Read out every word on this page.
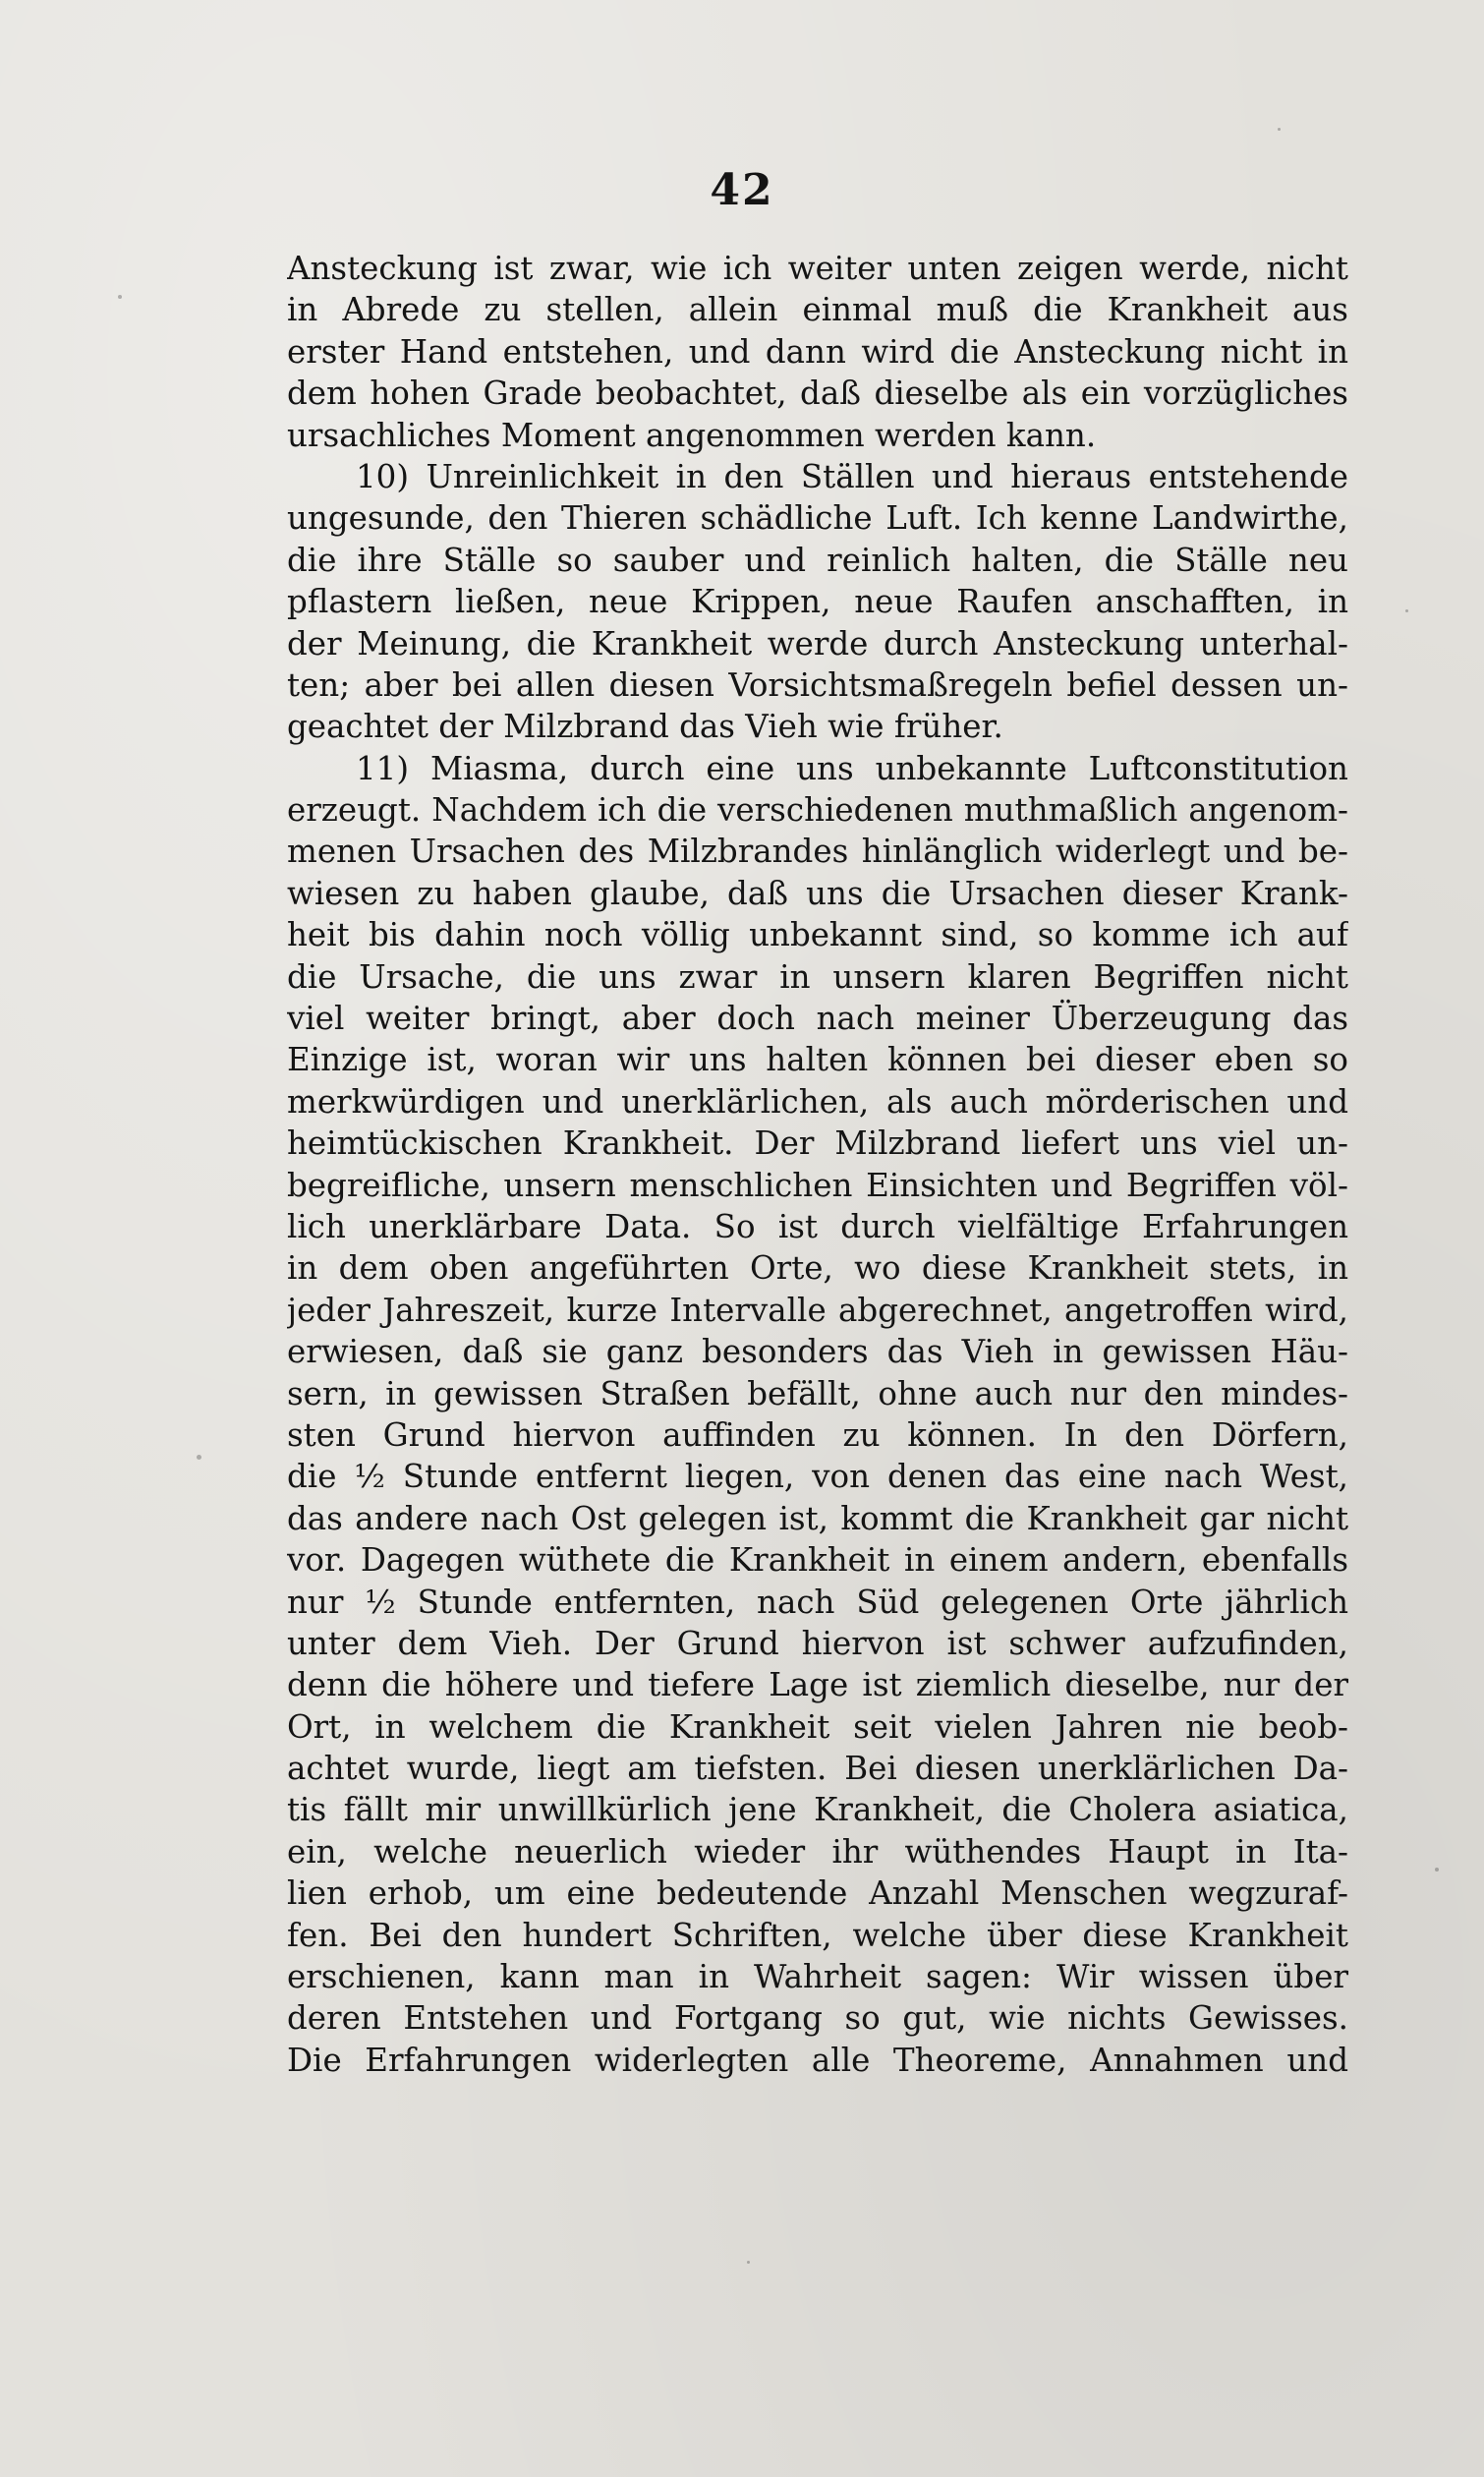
42
Ansteckung ist zwar, wie ich weiter unten zeigen werde, nicht
in Abrede zu stellen, allein einmal muß die Krankheit aus
erster Hand entstehen, und dann wird die Ansteckung nicht in
dem hohen Grade beobachtet, daß dieselbe als ein vorzügliches
ursachliches Moment angenommen werden kann.
10) Unreinlichkeit in den Ställen und hieraus entstehende
ungesunde, den Thieren schädliche Luft. Ich kenne Landwirthe,
die ihre Ställe so sauber und reinlich halten, die Ställe neu
pflastern ließen, neue Krippen, neue Raufen anschafften, in
der Meinung, die Krankheit werde durch Ansteckung unterhal-
ten; aber bei allen diesen Vorsichtsmaßregeln befiel dessen un-
geachtet der Milzbrand das Vieh wie früher.
11) Miasma, durch eine uns unbekannte Luftconstitution
erzeugt. Nachdem ich die verschiedenen muthmaßlich angenom-
menen Ursachen des Milzbrandes hinlänglich widerlegt und be-
wiesen zu haben glaube, daß uns die Ursachen dieser Krank-
heit bis dahin noch völlig unbekannt sind, so komme ich auf
die Ursache, die uns zwar in unsern klaren Begriffen nicht
viel weiter bringt, aber doch nach meiner Überzeugung das
Einzige ist, woran wir uns halten können bei dieser eben so
merkwürdigen und unerklärlichen, als auch mörderischen und
heimtückischen Krankheit. Der Milzbrand liefert uns viel un-
begreifliche, unsern menschlichen Einsichten und Begriffen völ-
lich unerklärbare Data. So ist durch vielfältige Erfahrungen
in dem oben angeführten Orte, wo diese Krankheit stets, in
jeder Jahreszeit, kurze Intervalle abgerechnet, angetroffen wird,
erwiesen, daß sie ganz besonders das Vieh in gewissen Häu-
sern, in gewissen Straßen befällt, ohne auch nur den mindes-
sten Grund hiervon auffinden zu können. In den Dörfern,
die ½ Stunde entfernt liegen, von denen das eine nach West,
das andere nach Ost gelegen ist, kommt die Krankheit gar nicht
vor. Dagegen wüthete die Krankheit in einem andern, ebenfalls
nur ½ Stunde entfernten, nach Süd gelegenen Orte jährlich
unter dem Vieh. Der Grund hiervon ist schwer aufzufinden,
denn die höhere und tiefere Lage ist ziemlich dieselbe, nur der
Ort, in welchem die Krankheit seit vielen Jahren nie beob-
achtet wurde, liegt am tiefsten. Bei diesen unerklärlichen Da-
tis fällt mir unwillkürlich jene Krankheit, die Cholera asiatica,
ein, welche neuerlich wieder ihr wüthendes Haupt in Ita-
lien erhob, um eine bedeutende Anzahl Menschen wegzuraf-
fen. Bei den hundert Schriften, welche über diese Krankheit
erschienen, kann man in Wahrheit sagen: Wir wissen über
deren Entstehen und Fortgang so gut, wie nichts Gewisses.
Die Erfahrungen widerlegten alle Theoreme, Annahmen und
